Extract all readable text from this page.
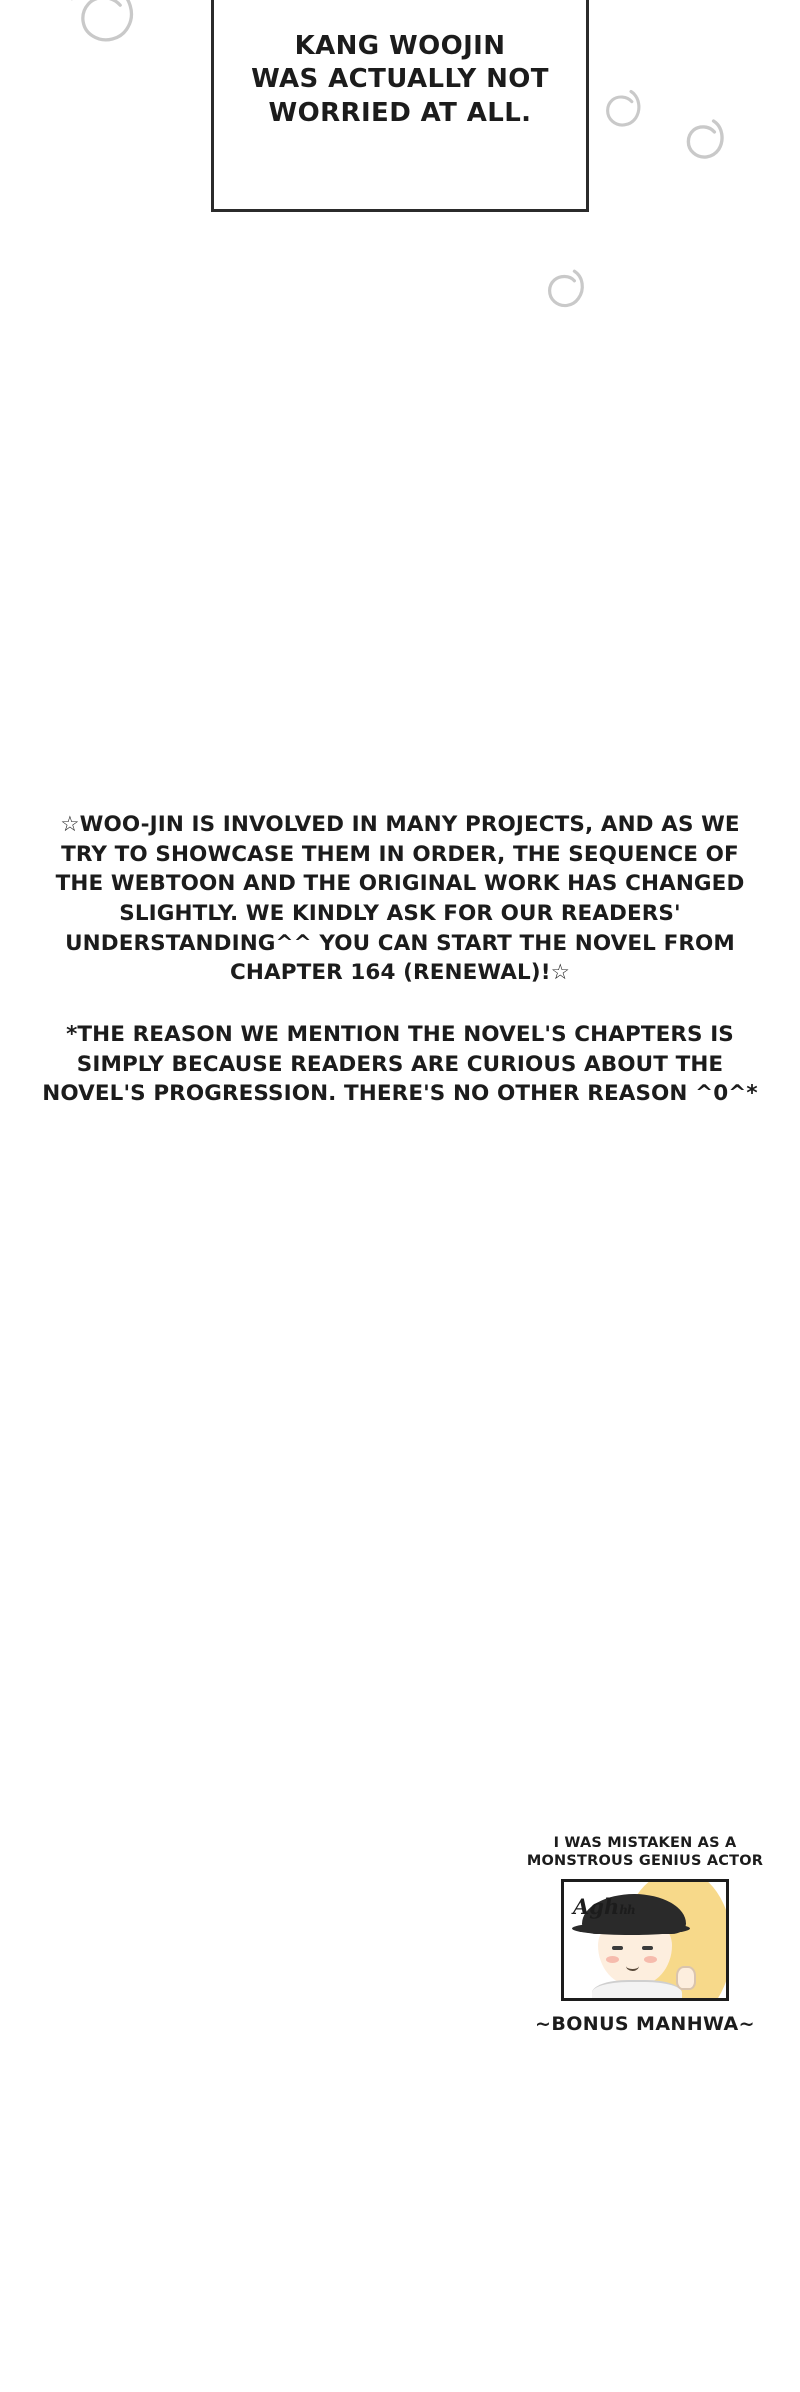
KANG WOOJIN
WAS ACTUALLY NOT
WORRIED AT ALL.

☆WOO-JIN IS INVOLVED IN MANY PROJECTS, AND AS WE TRY TO SHOWCASE THEM IN ORDER, THE SEQUENCE OF THE WEBTOON AND THE ORIGINAL WORK HAS CHANGED SLIGHTLY. WE KINDLY ASK FOR OUR READERS' UNDERSTANDING^^ YOU CAN START THE NOVEL FROM CHAPTER 164 (RENEWAL)!☆

*THE REASON WE MENTION THE NOVEL'S CHAPTERS IS SIMPLY BECAUSE READERS ARE CURIOUS ABOUT THE NOVEL'S PROGRESSION. THERE'S NO OTHER REASON ^0^*

I WAS MISTAKEN AS A
MONSTROUS GENIUS ACTOR
Aghhh
~BONUS MANHWA~
